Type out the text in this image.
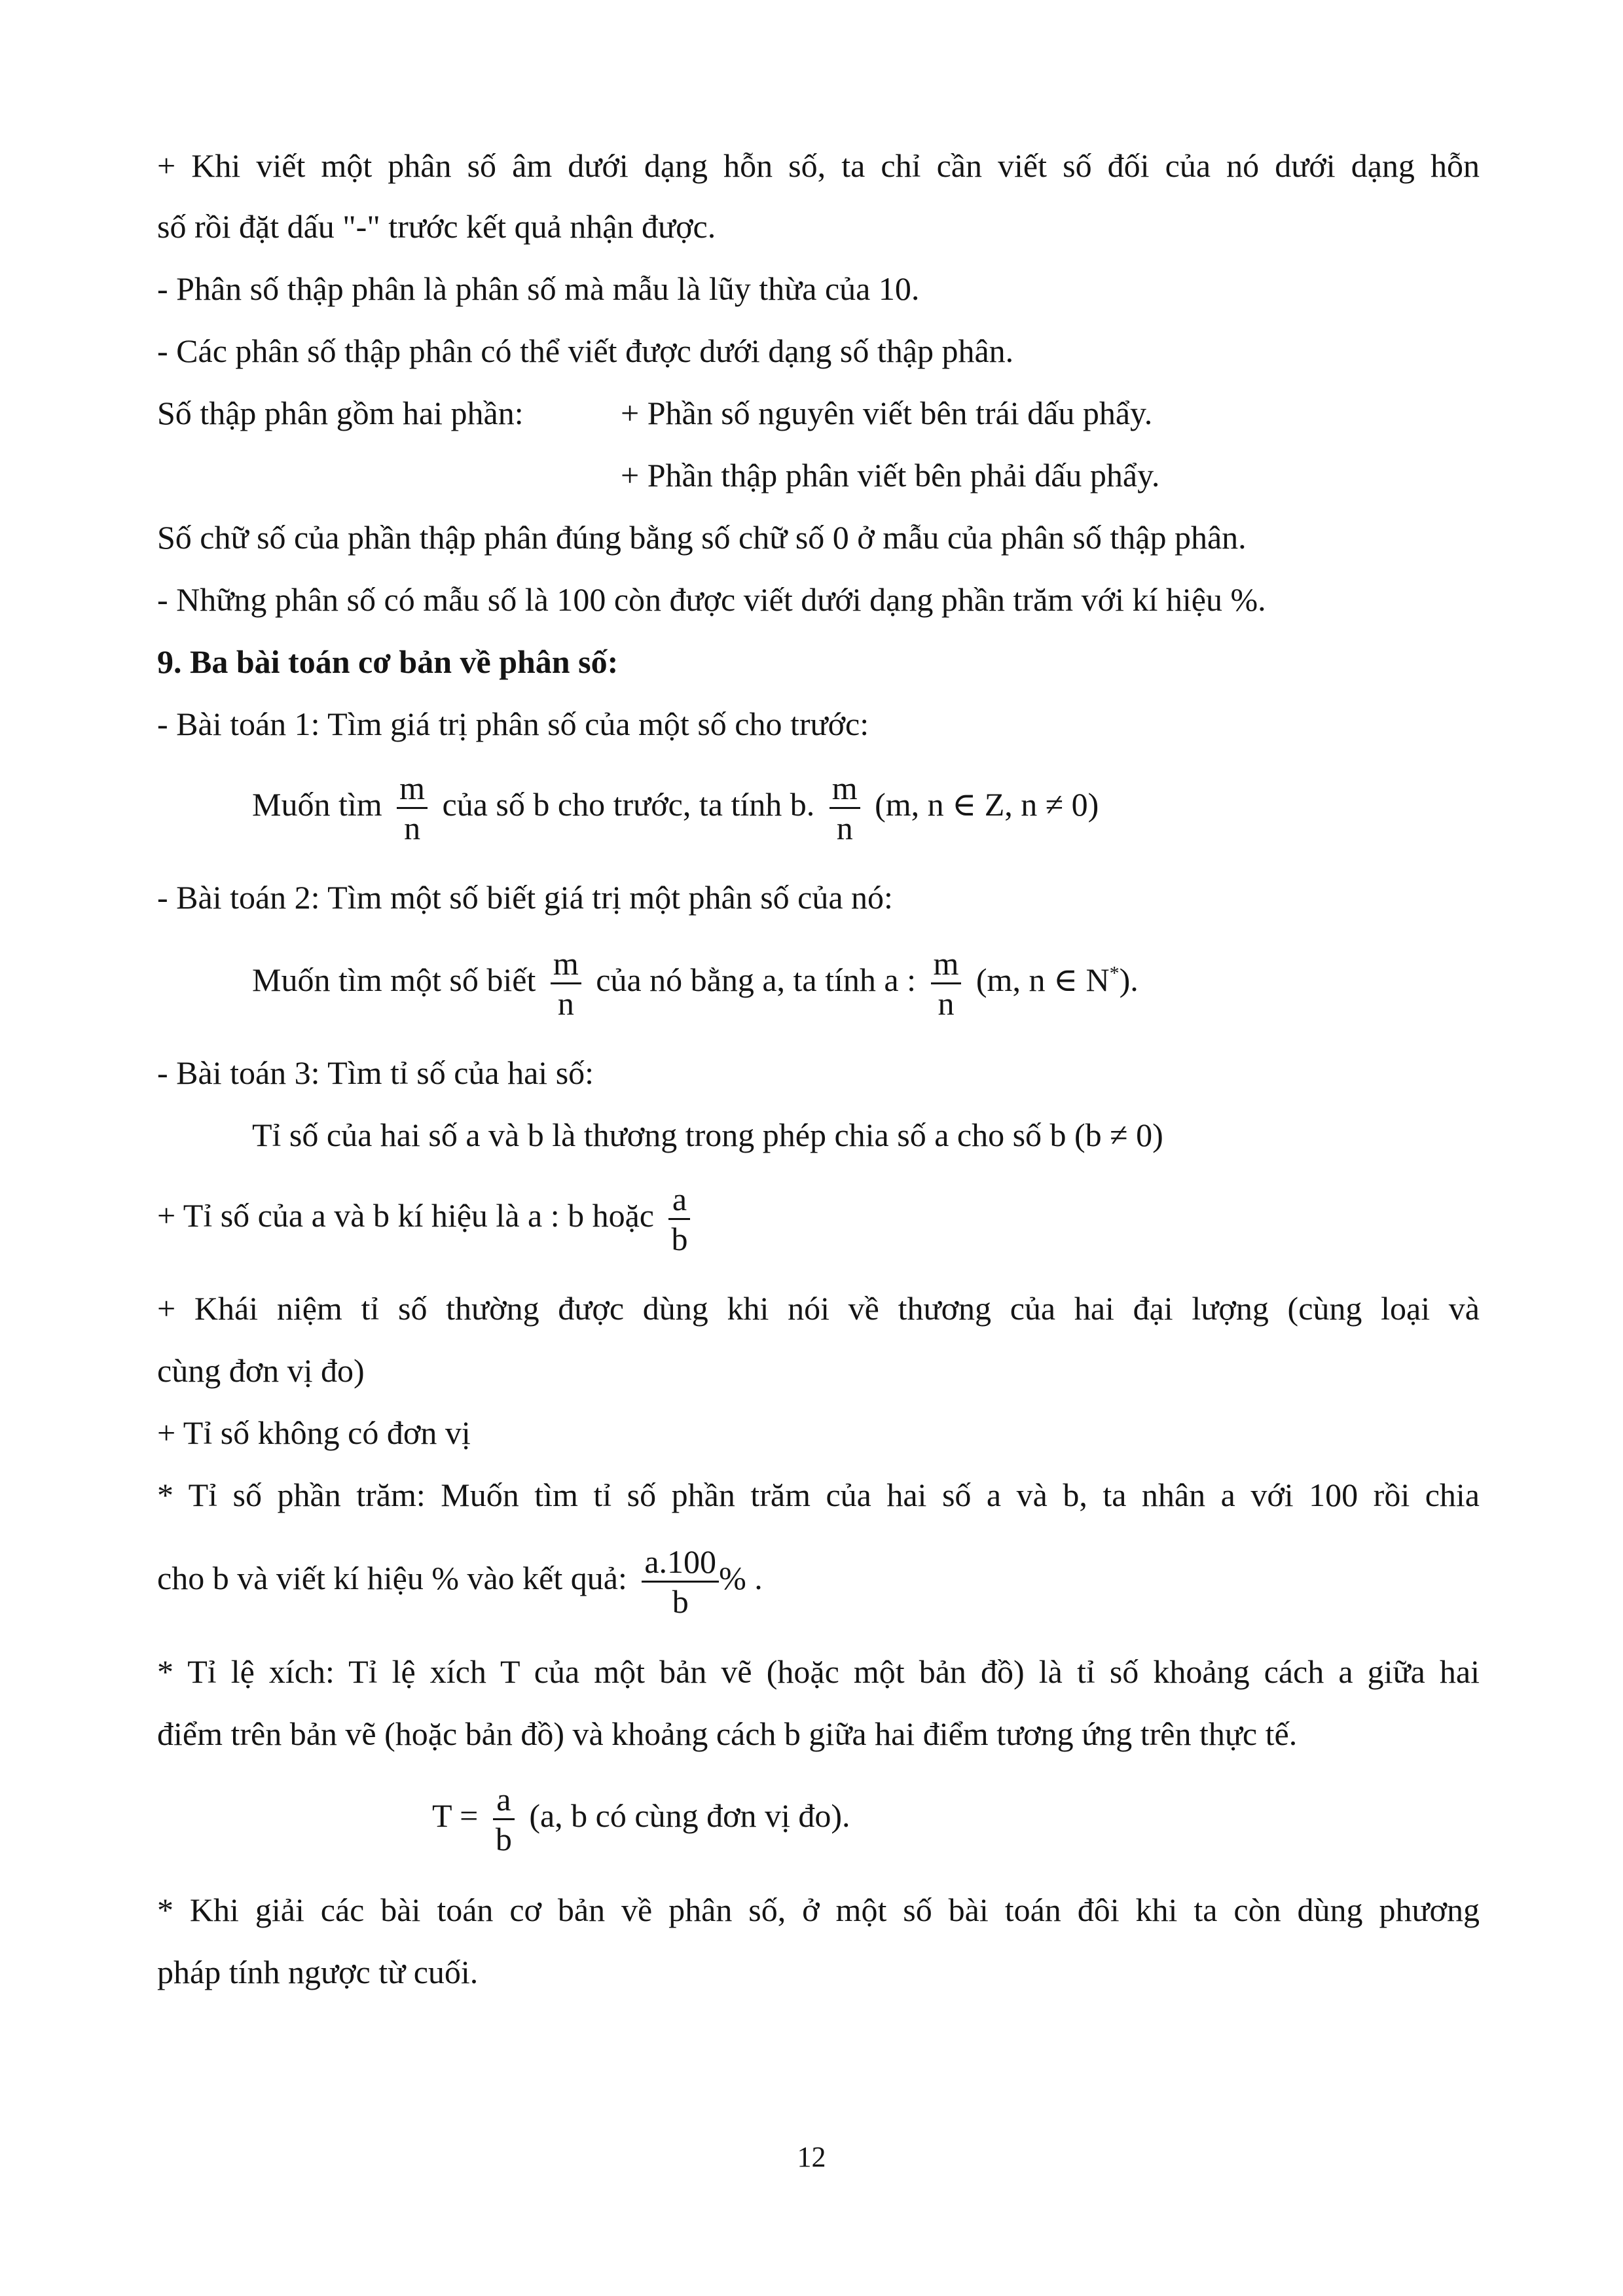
+ Khi viết một phân số âm dưới dạng hỗn số, ta chỉ cần viết số đối của nó dưới dạng hỗn
số rồi đặt dấu "-" trước kết quả nhận được.
- Phân số thập phân là phân số mà mẫu là lũy thừa của 10.
- Các phân số thập phân có thể viết được dưới dạng số thập phân.
Số thập phân gồm hai phần:	+ Phần số nguyên viết bên trái dấu phẩy.
+ Phần thập phân viết bên phải dấu phẩy.
Số chữ số của phần thập phân đúng bằng số chữ số 0 ở mẫu của phân số thập phân.
- Những phân số có mẫu số là 100 còn được viết dưới dạng phần trăm với kí hiệu %.
9. Ba bài toán cơ bản về phân số:
- Bài toán 1: Tìm giá trị phân số của một số cho trước:
Muốn tìm $\frac{m}{n}$ của số b cho trước, ta tính b. $\frac{m}{n} (m$, n ∈ Z, n ≠ 0)
- Bài toán 2: Tìm một số biết giá trị một phân số của nó:
Muốn tìm một số biết $\frac{m}{n}$ của nó bằng a, ta tính a : $\frac{m}{n} (m$, n ∈ N*).
- Bài toán 3: Tìm tỉ số của hai số:
Tỉ số của hai số a và b là thương trong phép chia số a cho số b (b ≠ 0)
+ Tỉ số của a và b kí hiệu là a : b hoặc $\frac{a}{b}$
+ Khái niệm tỉ số thường được dùng khi nói về thương của hai đại lượng (cùng loại và
cùng đơn vị đo)
+ Tỉ số không có đơn vị
* Tỉ số phần trăm: Muốn tìm tỉ số phần trăm của hai số a và b, ta nhân a với 100 rồi chia
cho b và viết kí hiệu % vào kết quả: $\frac{a.100}{b}$ % .
* Tỉ lệ xích: Tỉ lệ xích T của một bản vẽ (hoặc một bản đồ) là tỉ số khoảng cách a giữa hai
điểm trên bản vẽ (hoặc bản đồ) và khoảng cách b giữa hai điểm tương ứng trên thực tế.
$T = \frac{a}{b} (a$, b có cùng đơn vị đo).
* Khi giải các bài toán cơ bản về phân số, ở một số bài toán đôi khi ta còn dùng phương
pháp tính ngược từ cuối.
12
